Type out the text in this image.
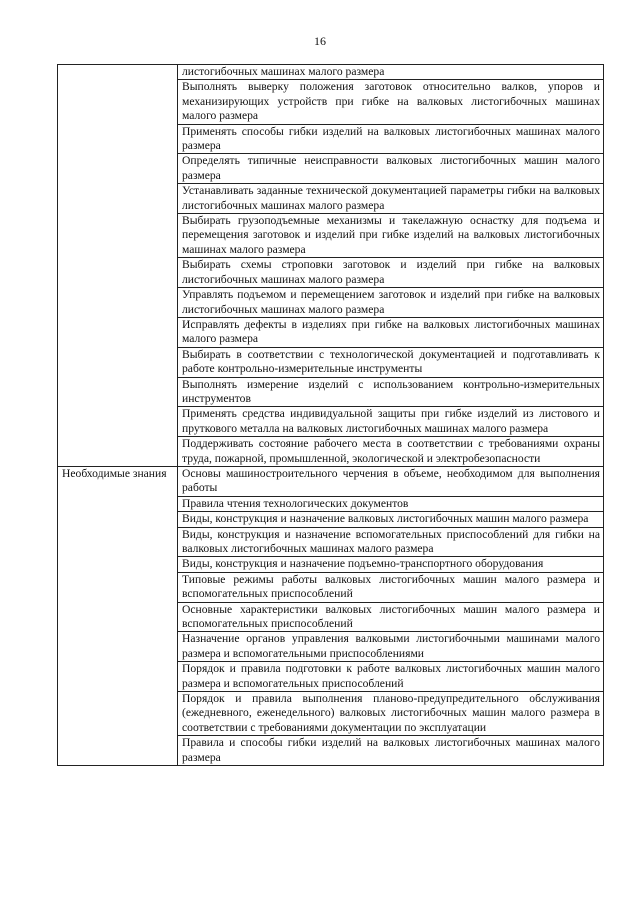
16
	листогибочных машинах малого размера
	Выполнять выверку положения заготовок относительно валков, упоров и механизирующих устройств при гибке на валковых листогибочных машинах малого размера
	Применять способы гибки изделий на валковых листогибочных машинах малого размера
	Определять типичные неисправности валковых листогибочных машин малого размера
	Устанавливать заданные технической документацией параметры гибки на валковых листогибочных машинах малого размера
	Выбирать грузоподъемные механизмы и такелажную оснастку для подъема и перемещения заготовок и изделий при гибке изделий на валковых листогибочных машинах малого размера
	Выбирать схемы строповки заготовок и изделий при гибке на валковых листогибочных машинах малого размера
	Управлять подъемом и перемещением заготовок и изделий при гибке на валковых листогибочных машинах малого размера
	Исправлять дефекты в изделиях при гибке на валковых листогибочных машинах малого размера
	Выбирать в соответствии с технологической документацией и подготавливать к работе контрольно-измерительные инструменты
	Выполнять измерение изделий с использованием контрольно-измерительных инструментов
	Применять средства индивидуальной защиты при гибке изделий из листового и пруткового металла на валковых листогибочных машинах малого размера
	Поддерживать состояние рабочего места в соответствии с требованиями охраны труда, пожарной, промышленной, экологической и электробезопасности

Необходимые знания	Основы машиностроительного черчения в объеме, необходимом для выполнения работы
	Правила чтения технологических документов
	Виды, конструкция и назначение валковых листогибочных машин малого размера
	Виды, конструкция и назначение вспомогательных приспособлений для гибки на валковых листогибочных машинах малого размера
	Виды, конструкция и назначение подъемно-транспортного оборудования
	Типовые режимы работы валковых листогибочных машин малого размера и вспомогательных приспособлений
	Основные характеристики валковых листогибочных машин малого размера и вспомогательных приспособлений
	Назначение органов управления валковыми листогибочными машинами малого размера и вспомогательными приспособлениями
	Порядок и правила подготовки к работе валковых листогибочных машин малого размера и вспомогательных приспособлений
	Порядок и правила выполнения планово-предупредительного обслуживания (ежедневного, еженедельного) валковых листогибочных машин малого размера в соответствии с требованиями документации по эксплуатации
	Правила и способы гибки изделий на валковых листогибочных машинах малого размера
